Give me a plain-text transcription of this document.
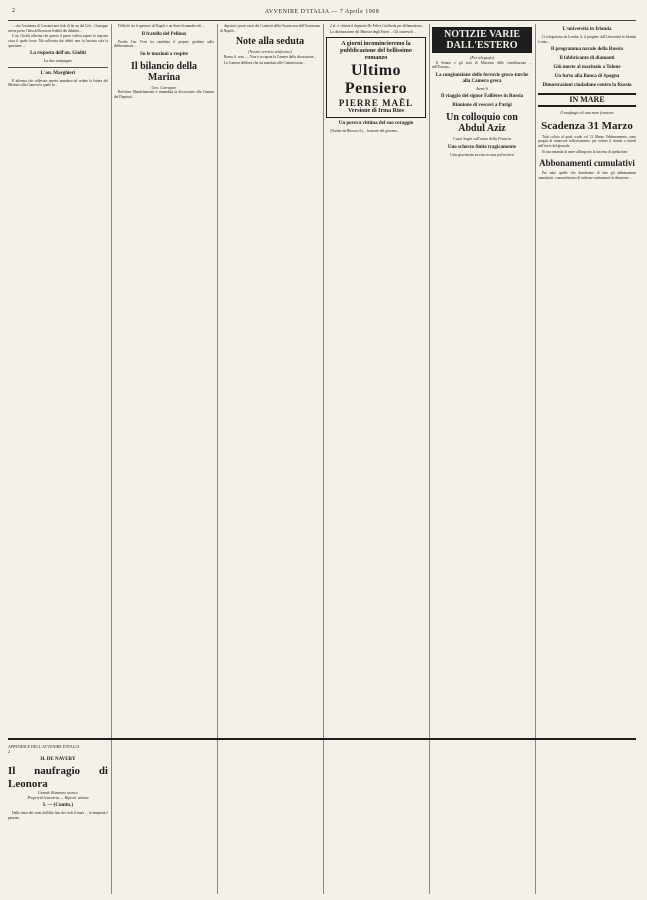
2	AVVENIRE D'ITALIA — 7 Aprile 1908

... che l'esattezza di Caesana non fede di lei un dal Ceb... Giuseppe aveva preso l'idea della nuova fedeltà dei dibattiti...

L'on. Gioliti afferma che questo il paese voleva sapere la risposta circa il quale fosse. Ma sollevata dai debiti non fu lasciata sola la questione ...

La risposta dell'on. Gioliti
La due campagne
L'on. Marghieri

E afferma che sollevato questo mandava ad ordine la lettera del Ministro alla Camera la quale fu ...

Difficile sia il questore di Napoli e un Stato Scannabecchi ...

Il fratello del Pelloux

Perche l'on. Ferri ha cambiato il proprio giudizio sulla deliberazione ...

Su le mozioni a respite
Il bilancio della Marina
Gen. Carrapter

Bolettino Mandolamento è rimandata la discussione alla Camera dei Deputati...

deputati i punti vuoti dei Comitati della Giunta non dell'Assistenza di Napoli...

Note alla seduta
(Nostro servizio telefonico)

Roma, 6, sera. — Non è occupata la Camera dalla discussione...

La Camera delibera che sia mandato alle Commissioni...

2 al. e. chieste il deputato De Felice Gioffreda per diffamazione...

La dichiarazione dei Ministri degli Esteri ... Gli onorevoli ...

A giorni incomincieremo la pubblicazione del bellissimo romanzo
Ultimo Pensiero
PIERRE MAËL
Versione di Irma Rios
Un povera vittima del suo coraggio

(Notizie da Brescia, 6) ... la morte del giovane...

NOTIZIE VARIE DALL'ESTERO
(Per telegrafo)

Il Senato e gli stati di Missione delle contribuzioni ... nell'Europa...

La congiunzione delle ferrovie greco-turche alla Camera greca
Atene 6
Il viaggio del signor Fallières in Russia
Riunione di vescovi a Parigi
Un colloquio con Abdul Aziz
I suoi Sogni sull'aiuto della Francia
Uno scherzo finito tragicamente
Una giovinetta uccisa in una polveriera
L'università in Irlanda

Ci telegrafano da Londra, 6: il progetto sull'Università in Irlanda è stato...

Il programma navale della Russia
Il fabbricante di diamanti
Giù morte al marinaio a Tolone
Un furto alla Banca di Spagna
Dimostrazioni ciudadane contro la Russia
IN MARE
Il naufragio di una nave francese
Scadenza 31 Marzo

Tutti coloro al quali scade col 31 Marzo l'abbonamento, sono pregati di rinnovare sollecitamente, per evitare il ritardo o ritardi nell'invio del giornale.

Si raccomanda di unire all'importo la fascetta di spedizione.

Abbonamenti cumulativi

Per tutte quelle che desiderano di fare gli abbonamenti cumulativi, comunichiamo di indicare esattamente la direzione, ...

APPENDICE DELL'AVVENIRE D'ITALIA
2
H. DE NAVERY
Il naufragio di Leonora
Grande Romanzo storico
Proprietà letteraria — Riprod. vietata
I. — (Contin.)

Dalla cima dei venti dall'alto lato dei cieli il mare ... la tempesta è passata...
